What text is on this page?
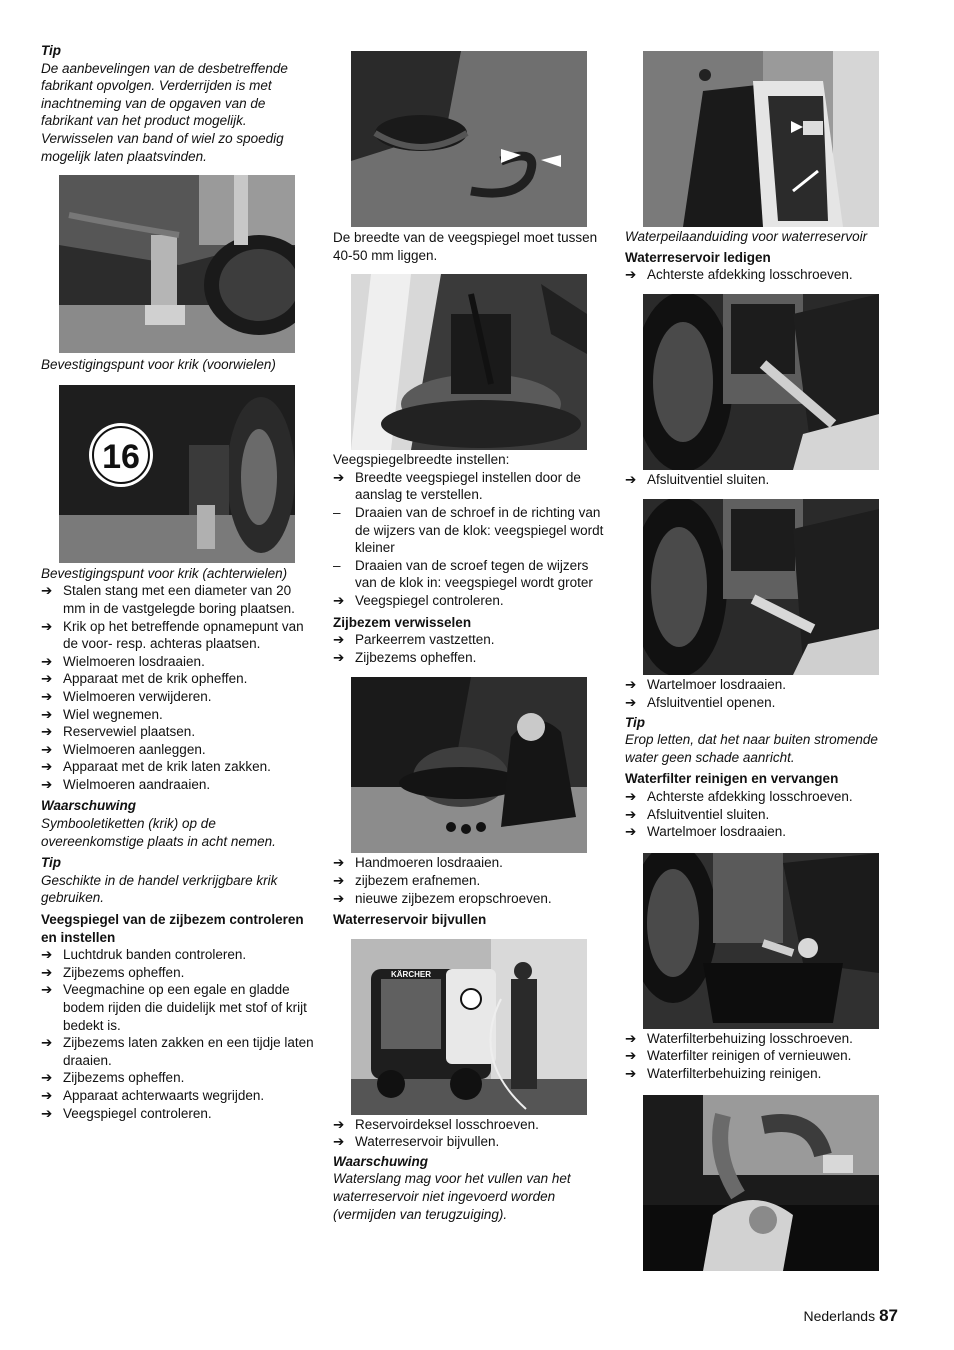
Tip

De aanbevelingen van de desbetreffende fabrikant opvolgen. Verderrijden is met inachtneming van de opgaven van de fabrikant van het product mogelijk. Verwisselen van band of wiel zo spoedig mogelijk laten plaatsvinden.

Bevestigingspunt voor krik (voorwielen)

16

Bevestigingspunt voor krik (achterwielen)

➔ Stalen stang met een diameter van 20 mm in de vastgelegde boring plaatsen.
➔ Krik op het betreffende opnamepunt van de voor- resp. achteras plaatsen.
➔ Wielmoeren losdraaien.
➔ Apparaat met de krik opheffen.
➔ Wielmoeren verwijderen.
➔ Wiel wegnemen.
➔ Reservewiel plaatsen.
➔ Wielmoeren aanleggen.
➔ Apparaat met de krik laten zakken.
➔ Wielmoeren aandraaien.

Waarschuwing

Symbooletiketten (krik) op de overeenkomstige plaats in acht nemen.

Tip

Geschikte in de handel verkrijgbare krik gebruiken.

Veegspiegel van de zijbezem controleren en instellen

➔ Luchtdruk banden controleren.
➔ Zijbezems opheffen.
➔ Veegmachine op een egale en gladde bodem rijden die duidelijk met stof of krijt bedekt is.
➔ Zijbezems laten zakken en een tijdje laten draaien.
➔ Zijbezems opheffen.
➔ Apparaat achterwaarts wegrijden.
➔ Veegspiegel controleren.

De breedte van de veegspiegel moet tussen 40-50 mm liggen.

Veegspiegelbreedte instellen:

➔ Breedte veegspiegel instellen door de aanslag te verstellen.
–	Draaien van de schroef in de richting van de wijzers van de klok: veegspiegel wordt kleiner
–	Draaien van de scroef tegen de wijzers van de klok in: veegspiegel wordt groter
➔ Veegspiegel controleren.

Zijbezem verwisselen

➔ Parkeerrem vastzetten.
➔ Zijbezems opheffen.
➔ Handmoeren losdraaien.
➔ zijbezem erafnemen.
➔ nieuwe zijbezem eropschroeven.

Waterreservoir bijvullen

KÄRCHER
➔ Reservoirdeksel losschroeven.
➔ Waterreservoir bijvullen.

Waarschuwing

Waterslang mag voor het vullen van het waterreservoir niet ingevoerd worden (vermijden van terugzuiging).

Waterpeilaanduiding voor waterreservoir

Waterreservoir ledigen

➔ Achterste afdekking losschroeven.
➔ Afsluitventiel sluiten.
➔ Wartelmoer losdraaien.
➔ Afsluitventiel openen.

Tip

Erop letten, dat het naar buiten stromende water geen schade aanricht.

Waterfilter reinigen en vervangen

➔ Achterste afdekking losschroeven.
➔ Afsluitventiel sluiten.
➔ Wartelmoer losdraaien.
➔ Waterfilterbehuizing losschroeven.
➔ Waterfilter reinigen of vernieuwen.
➔ Waterfilterbehuizing reinigen.
Nederlands 87
